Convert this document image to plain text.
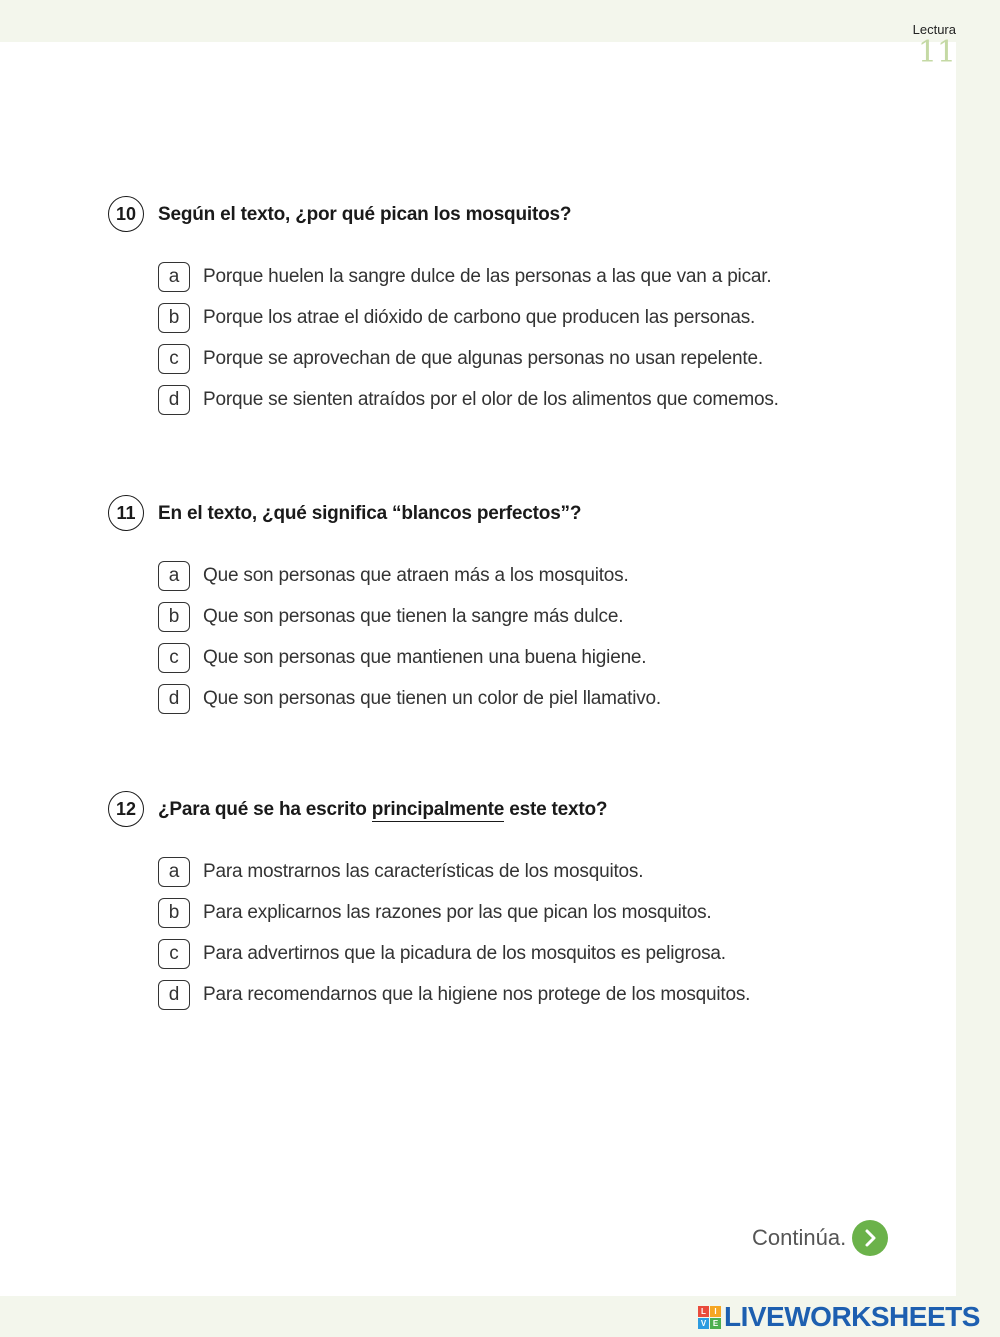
Lectura
11
10	Según el texto, ¿por qué pican los mosquitos?
a	Porque huelen la sangre dulce de las personas a las que van a picar.
b	Porque los atrae el dióxido de carbono que producen las personas.
c	Porque se aprovechan de que algunas personas no usan repelente.
d	Porque se sienten atraídos por el olor de los alimentos que comemos.
11	En el texto, ¿qué significa “blancos perfectos”?
a	Que son personas que atraen más a los mosquitos.
b	Que son personas que tienen la sangre más dulce.
c	Que son personas que mantienen una buena higiene.
d	Que son personas que tienen un color de piel llamativo.
12	¿Para qué se ha escrito principalmente este texto?
a	Para mostrarnos las características de los mosquitos.
b	Para explicarnos las razones por las que pican los mosquitos.
c	Para advertirnos que la picadura de los mosquitos es peligrosa.
d	Para recomendarnos que la higiene nos protege de los mosquitos.
Continúa.
L	I
V E LIVEWORKSHEETS
